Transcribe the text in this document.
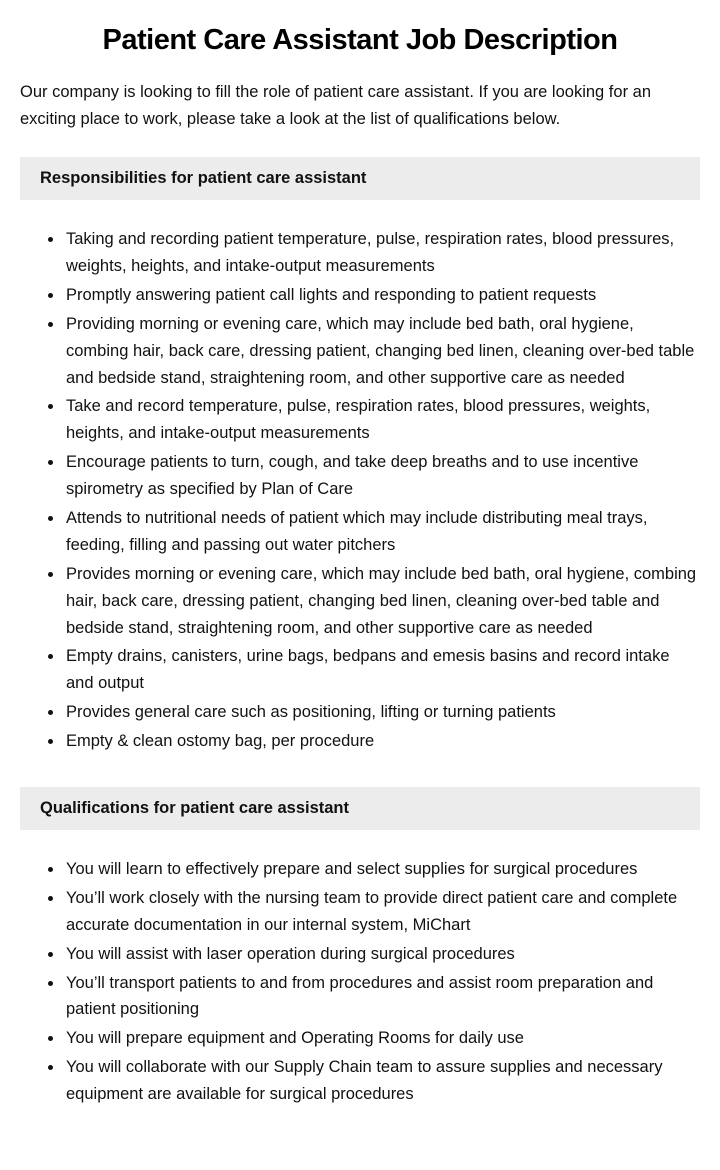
Patient Care Assistant Job Description

Our company is looking to fill the role of patient care assistant. If you are looking for an exciting place to work, please take a look at the list of qualifications below.

Responsibilities for patient care assistant
• Taking and recording patient temperature, pulse, respiration rates, blood pressures, weights, heights, and intake-output measurements
• Promptly answering patient call lights and responding to patient requests
• Providing morning or evening care, which may include bed bath, oral hygiene, combing hair, back care, dressing patient, changing bed linen, cleaning over-bed table and bedside stand, straightening room, and other supportive care as needed
• Take and record temperature, pulse, respiration rates, blood pressures, weights, heights, and intake-output measurements
• Encourage patients to turn, cough, and take deep breaths and to use incentive spirometry as specified by Plan of Care
• Attends to nutritional needs of patient which may include distributing meal trays, feeding, filling and passing out water pitchers
• Provides morning or evening care, which may include bed bath, oral hygiene, combing hair, back care, dressing patient, changing bed linen, cleaning over-bed table and bedside stand, straightening room, and other supportive care as needed
• Empty drains, canisters, urine bags, bedpans and emesis basins and record intake and output
• Provides general care such as positioning, lifting or turning patients
• Empty & clean ostomy bag, per procedure
Qualifications for patient care assistant
• You will learn to effectively prepare and select supplies for surgical procedures
• You’ll work closely with the nursing team to provide direct patient care and complete accurate documentation in our internal system, MiChart
• You will assist with laser operation during surgical procedures
• You’ll transport patients to and from procedures and assist room preparation and patient positioning
• You will prepare equipment and Operating Rooms for daily use
• You will collaborate with our Supply Chain team to assure supplies and necessary equipment are available for surgical procedures
